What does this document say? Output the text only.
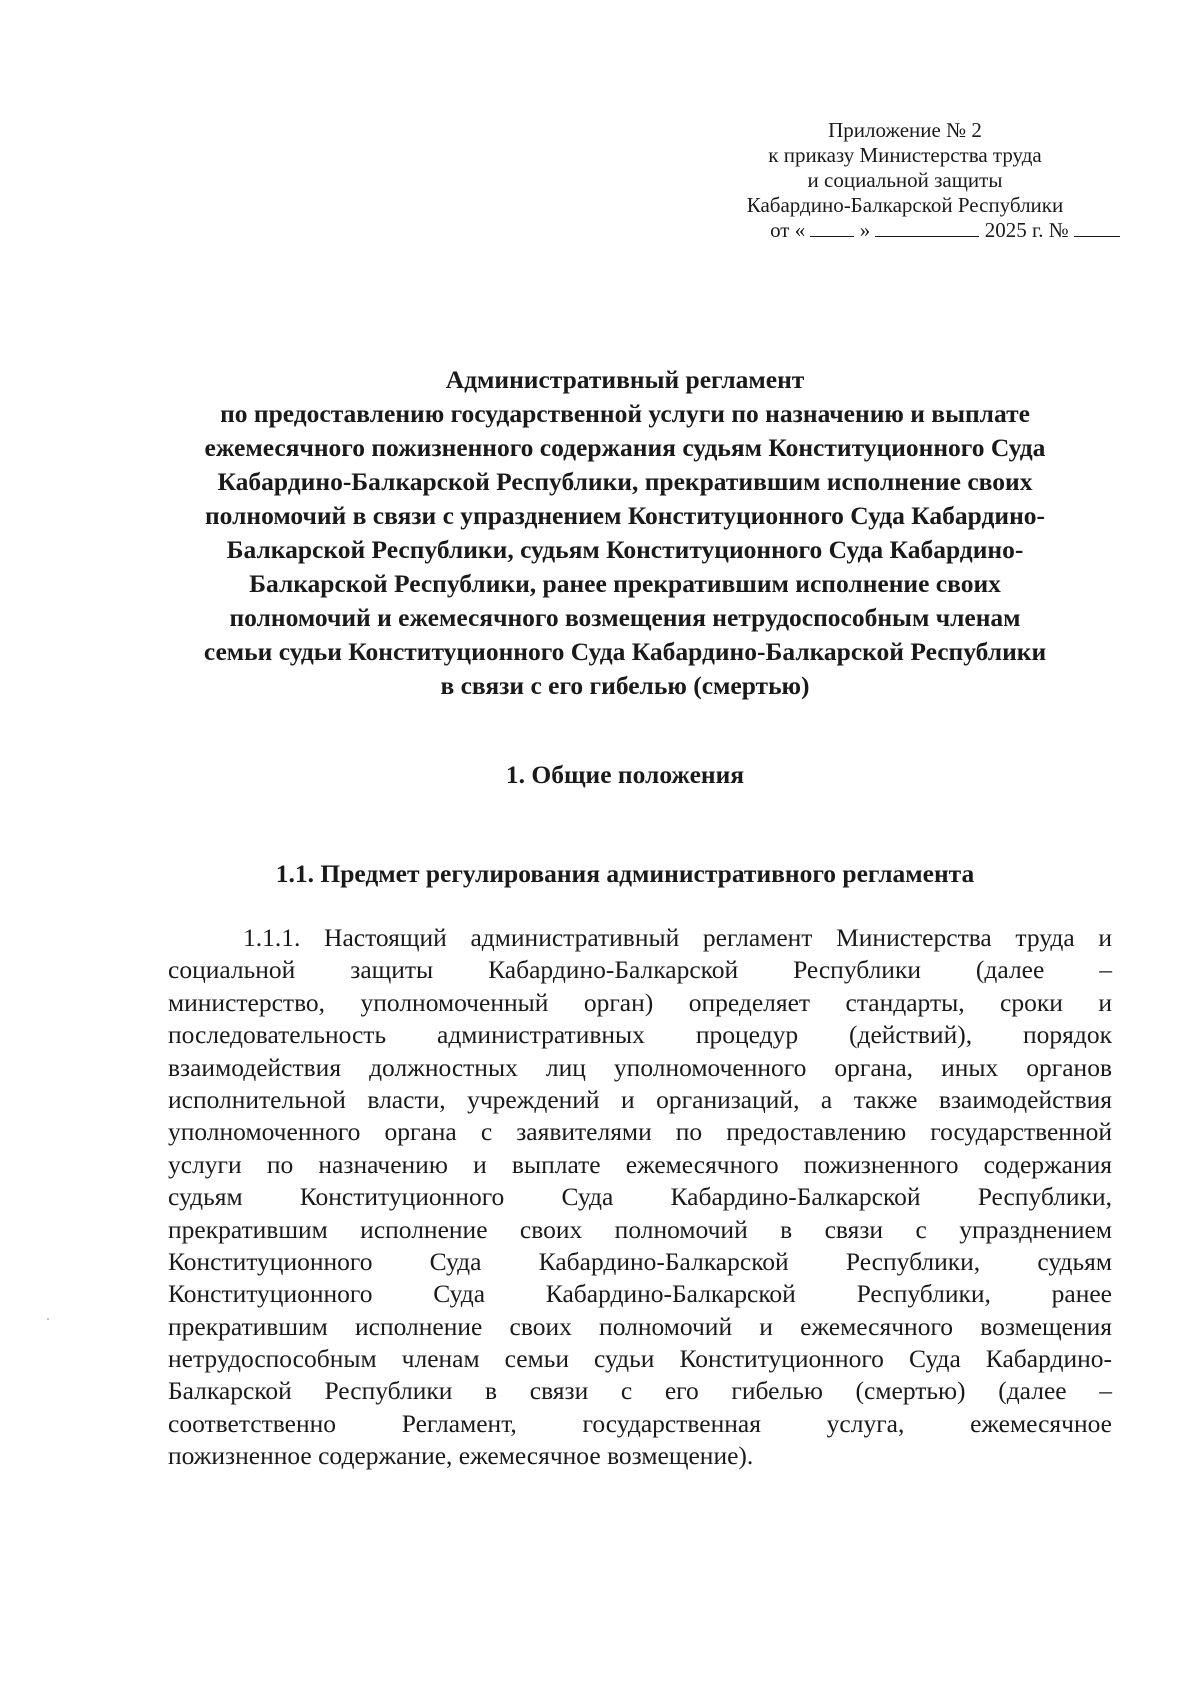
Приложение № 2
к приказу Министерства труда
и социальной защиты
Кабардино-Балкарской Республики
от «	»	2025 г. №
Административный регламент
по предоставлению государственной услуги по назначению и выплате
ежемесячного пожизненного содержания судьям Конституционного Суда
Кабардино-Балкарской Республики, прекратившим исполнение своих
полномочий в связи с упразднением Конституционного Суда Кабардино-
Балкарской Республики, судьям Конституционного Суда Кабардино-
Балкарской Республики, ранее прекратившим исполнение своих
полномочий и ежемесячного возмещения нетрудоспособным членам
семьи судьи Конституционного Суда Кабардино-Балкарской Республики
в связи с его гибелью (смертью)
1. Общие положения
1.1. Предмет регулирования административного регламента
1.1.1. Настоящий административный регламент Министерства труда и
социальной защиты Кабардино-Балкарской Республики (далее –
министерство, уполномоченный орган) определяет стандарты, сроки и
последовательность административных процедур (действий), порядок
взаимодействия должностных лиц уполномоченного органа, иных органов
исполнительной власти, учреждений и организаций, а также взаимодействия
уполномоченного органа с заявителями по предоставлению государственной
услуги по назначению и выплате ежемесячного пожизненного содержания
судьям Конституционного Суда Кабардино-Балкарской Республики,
прекратившим исполнение своих полномочий в связи с упразднением
Конституционного Суда Кабардино-Балкарской Республики, судьям
Конституционного Суда Кабардино-Балкарской Республики, ранее
прекратившим исполнение своих полномочий и ежемесячного возмещения
нетрудоспособным членам семьи судьи Конституционного Суда Кабардино-
Балкарской Республики в связи с его гибелью (смертью) (далее –
соответственно Регламент, государственная услуга, ежемесячное
пожизненное содержание, ежемесячное возмещение).
